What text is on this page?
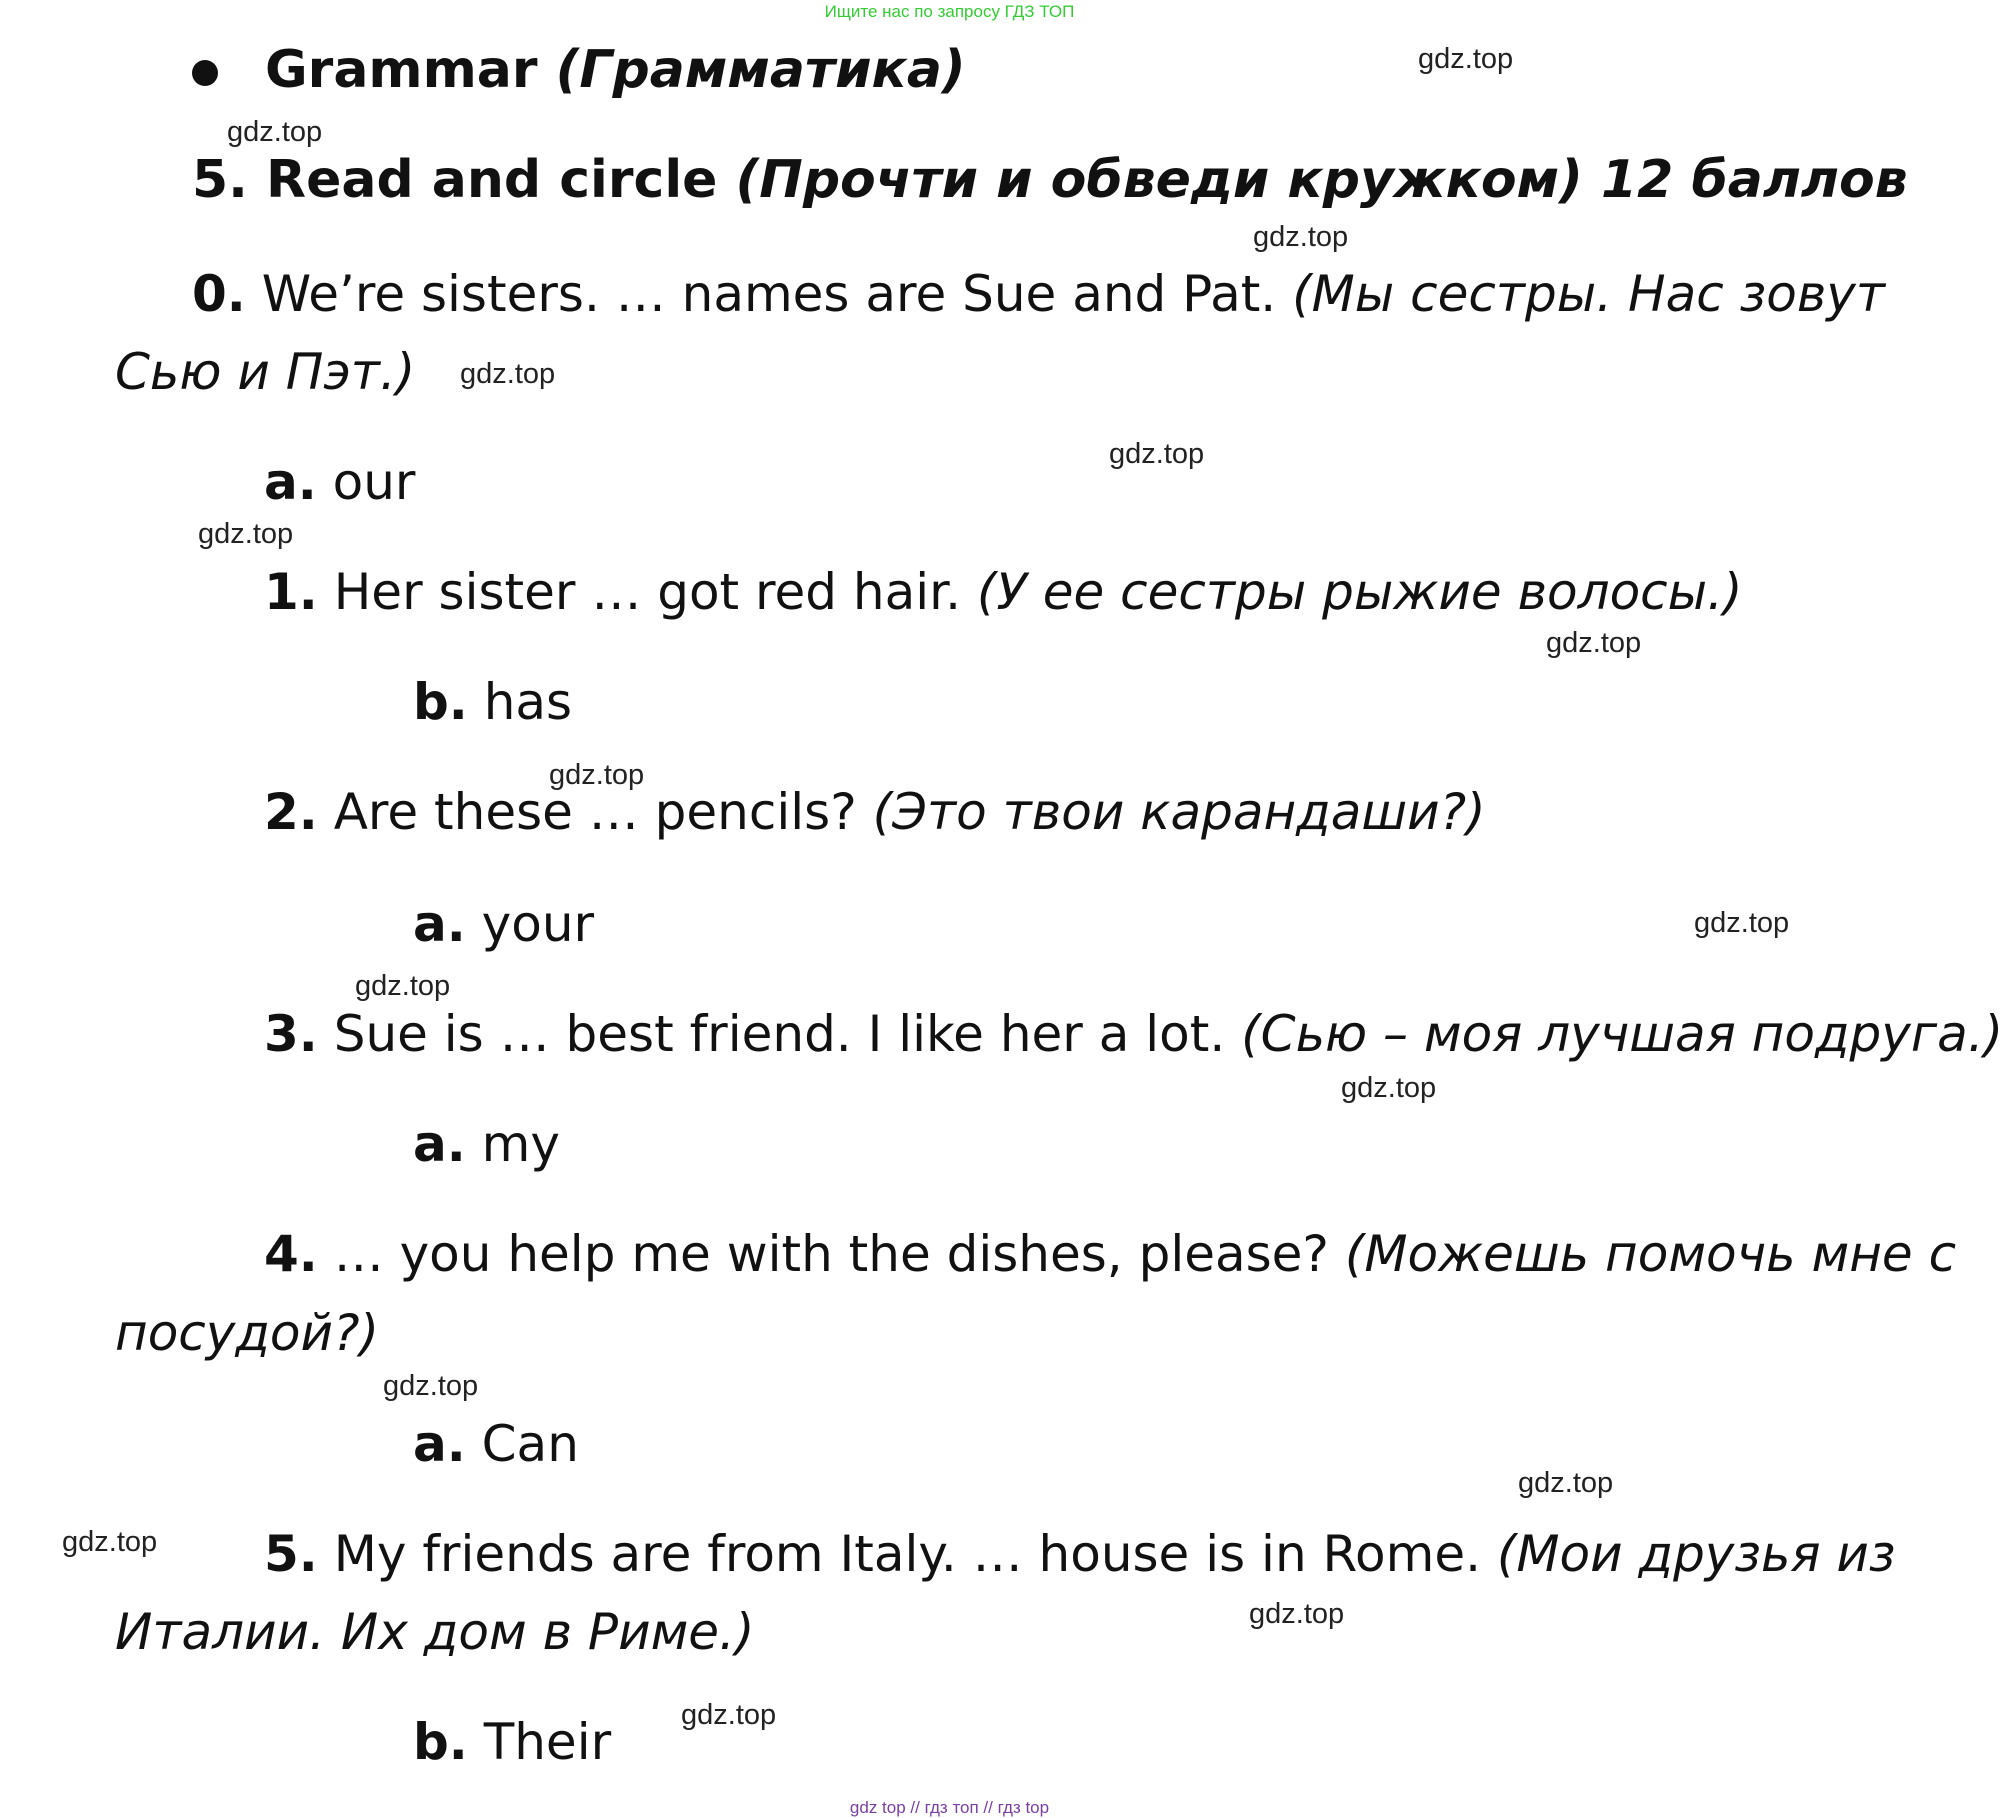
Ищите нас по запросу ГДЗ ТОП
Grammar (Грамматика)
5. Read and circle (Прочти и обведи кружком) 12 баллов
0. We’re sisters. … names are Sue and Pat. (Мы сестры. Нас зовут
Сью и Пэт.)
a. our
1. Her sister … got red hair. (У ее сестры рыжие волосы.)
b. has
2. Are these … pencils? (Это твои карандаши?)
a. your
3. Sue is … best friend. I like her a lot. (Сью – моя лучшая подруга.)
a. my
4. … you help me with the dishes, please? (Можешь помочь мне с
посудой?)
a. Can
5. My friends are from Italy. … house is in Rome. (Мои друзья из
Италии. Их дом в Риме.)
b. Their
gdz.top
gdz.top
gdz.top
gdz.top
gdz.top
gdz.top
gdz.top
gdz.top
gdz.top
gdz.top
gdz.top
gdz.top
gdz.top
gdz.top
gdz.top
gdz.top
gdz top // гдз топ // гдз top
